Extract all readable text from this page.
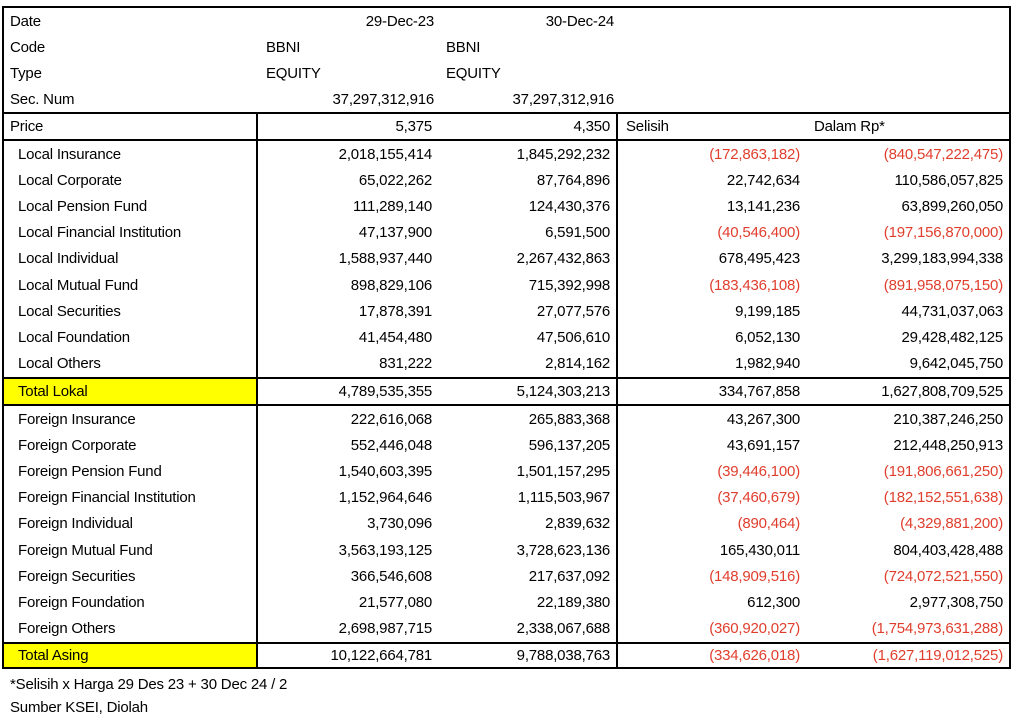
Date	29-Dec-23	30-Dec-24
Code	BBNI	BBNI
Type	EQUITY	EQUITY
Sec. Num	37,297,312,916	37,297,312,916
Price	5,375	4,350	Selisih	Dalam Rp*
Local Insurance	2,018,155,414	1,845,292,232	(172,863,182)	(840,547,222,475)
Local Corporate	65,022,262	87,764,896	22,742,634	110,586,057,825
Local Pension Fund	111,289,140	124,430,376	13,141,236	63,899,260,050
Local Financial Institution	47,137,900	6,591,500	(40,546,400)	(197,156,870,000)
Local Individual	1,588,937,440	2,267,432,863	678,495,423	3,299,183,994,338
Local Mutual Fund	898,829,106	715,392,998	(183,436,108)	(891,958,075,150)
Local Securities	17,878,391	27,077,576	9,199,185	44,731,037,063
Local Foundation	41,454,480	47,506,610	6,052,130	29,428,482,125
Local Others	831,222	2,814,162	1,982,940	9,642,045,750
Total Lokal	4,789,535,355	5,124,303,213	334,767,858	1,627,808,709,525
Foreign Insurance	222,616,068	265,883,368	43,267,300	210,387,246,250
Foreign Corporate	552,446,048	596,137,205	43,691,157	212,448,250,913
Foreign Pension Fund	1,540,603,395	1,501,157,295	(39,446,100)	(191,806,661,250)
Foreign Financial Institution	1,152,964,646	1,115,503,967	(37,460,679)	(182,152,551,638)
Foreign Individual	3,730,096	2,839,632	(890,464)	(4,329,881,200)
Foreign Mutual Fund	3,563,193,125	3,728,623,136	165,430,011	804,403,428,488
Foreign Securities	366,546,608	217,637,092	(148,909,516)	(724,072,521,550)
Foreign Foundation	21,577,080	22,189,380	612,300	2,977,308,750
Foreign Others	2,698,987,715	2,338,067,688	(360,920,027)	(1,754,973,631,288)
Total Asing	10,122,664,781	9,788,038,763	(334,626,018)	(1,627,119,012,525)
*Selisih x Harga 29 Des 23 + 30 Dec 24 / 2
Sumber KSEI, Diolah
